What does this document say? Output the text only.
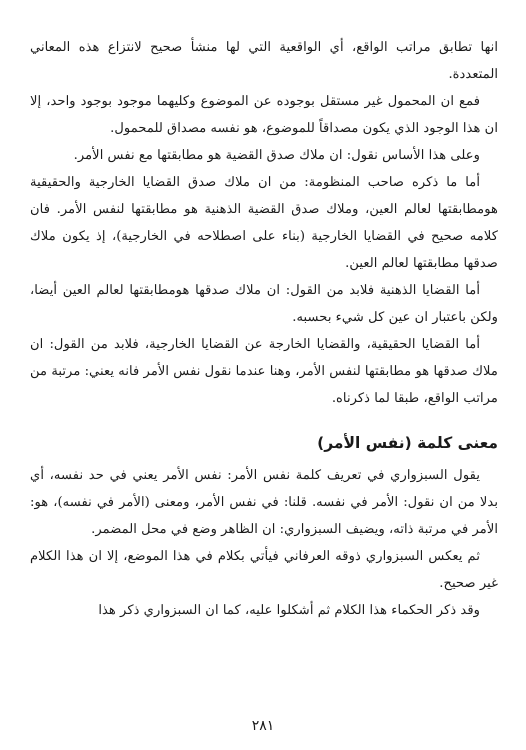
انها تطابق مراتب الواقع، أي الواقعية التي لها منشأ صحيح لانتزاع هذه المعاني المتعددة.

فمع ان المحمول غير مستقل بوجوده عن الموضوع وكليهما موجود بوجود واحد، إلا ان هذا الوجود الذي يكون مصداقاً للموضوع، هو نفسه مصداق للمحمول.

وعلى هذا الأساس نقول: ان ملاك صدق القضية هو مطابقتها مع نفس الأمر.

أما ما ذكره صاحب المنظومة: من ان ملاك صدق القضايا الخارجية والحقيقية هومطابقتها لعالم العين، وملاك صدق القضية الذهنية هو مطابقتها لنفس الأمر. فان كلامه صحيح في القضايا الخارجية (بناء على اصطلاحه في الخارجية)، إذ يكون ملاك صدقها مطابقتها لعالم العين.

أما القضايا الذهنية فلابد من القول: ان ملاك صدقها هومطابقتها لعالم العين أيضا، ولكن باعتبار ان عين كل شيء بحسبه.

أما القضايا الحقيقية، والقضايا الخارجة عن القضايا الخارجية، فلابد من القول: ان ملاك صدقها هو مطابقتها لنفس الأمر، وهنا عندما نقول نفس الأمر فانه يعني: مرتبة من مراتب الواقع، طبقا لما ذكرناه.

معنى كلمة (نفس الأمر)

يقول السبزواري في تعريف كلمة نفس الأمر: نفس الأمر يعني في حد نفسه، أي بدلا من ان نقول: الأمر في نفسه. قلنا: في نفس الأمر، ومعنى (الأمر في نفسه)، هو: الأمر في مرتبة ذاته، ويضيف السبزواري: ان الظاهر وضع في محل المضمر.

ثم يعكس السبزواري ذوقه العرفاني فيأتي بكلام في هذا الموضع، إلا ان هذا الكلام غير صحيح.

وقد ذكر الحكماء هذا الكلام ثم أشكلوا عليه، كما ان السبزواري ذكر هذا

٢٨١
